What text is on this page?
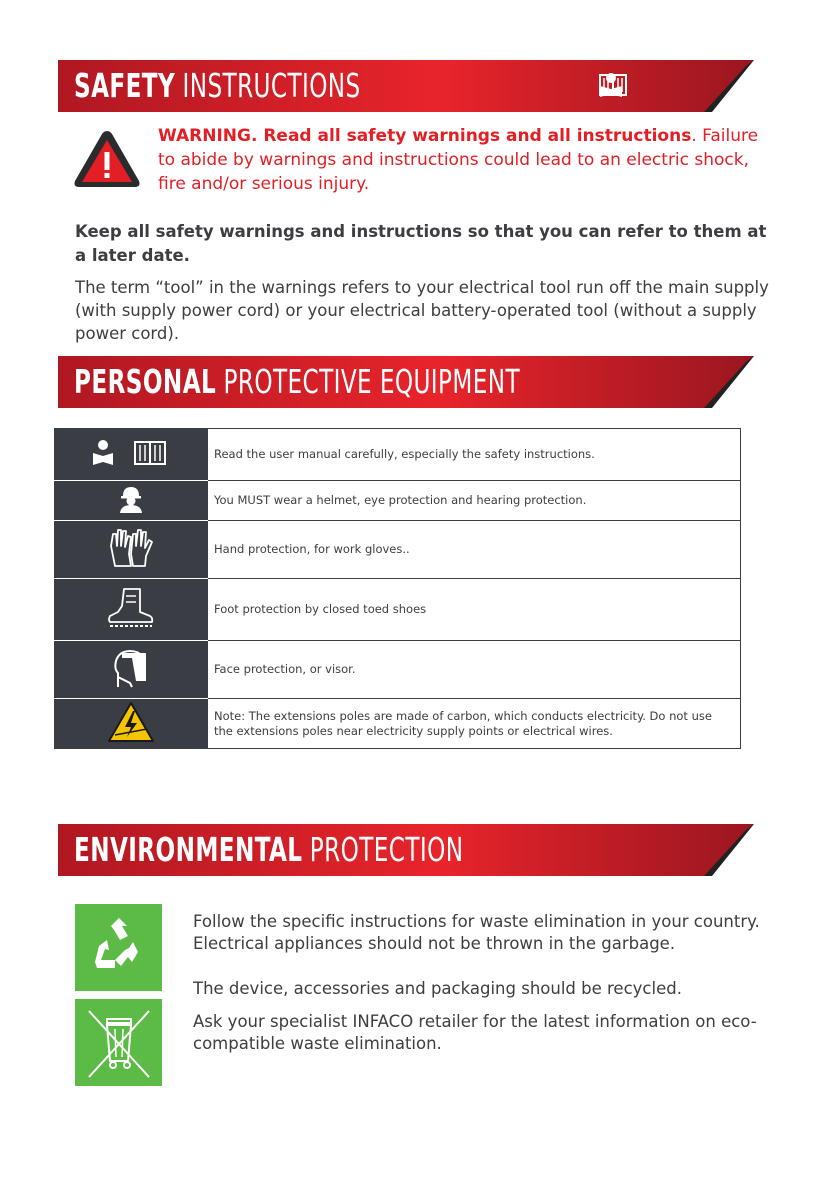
SAFETY INSTRUCTIONS
WARNING. Read all safety warnings and all instructions. Failure to abide by warnings and instructions could lead to an electric shock, fire and/or serious injury.
Keep all safety warnings and instructions so that you can refer to them at a later date.
The term “tool” in the warnings refers to your electrical tool run off the main supply (with supply power cord) or your electrical battery-operated tool (without a supply power cord).
PERSONAL PROTECTIVE EQUIPMENT
	Read the user manual carefully, especially the safety instructions.
	You MUST wear a helmet, eye protection and hearing protection.
	Hand protection, for work gloves..
	Foot protection by closed toed shoes
	Face protection, or visor.
	Note: The extensions poles are made of carbon, which conducts electricity. Do not use the extensions poles near electricity supply points or electrical wires.
ENVIRONMENTAL PROTECTION
Follow the specific instructions for waste elimination in your country. Electrical appliances should not be thrown in the garbage.
The device, accessories and packaging should be recycled.
Ask your specialist INFACO retailer for the latest information on eco-compatible waste elimination.
